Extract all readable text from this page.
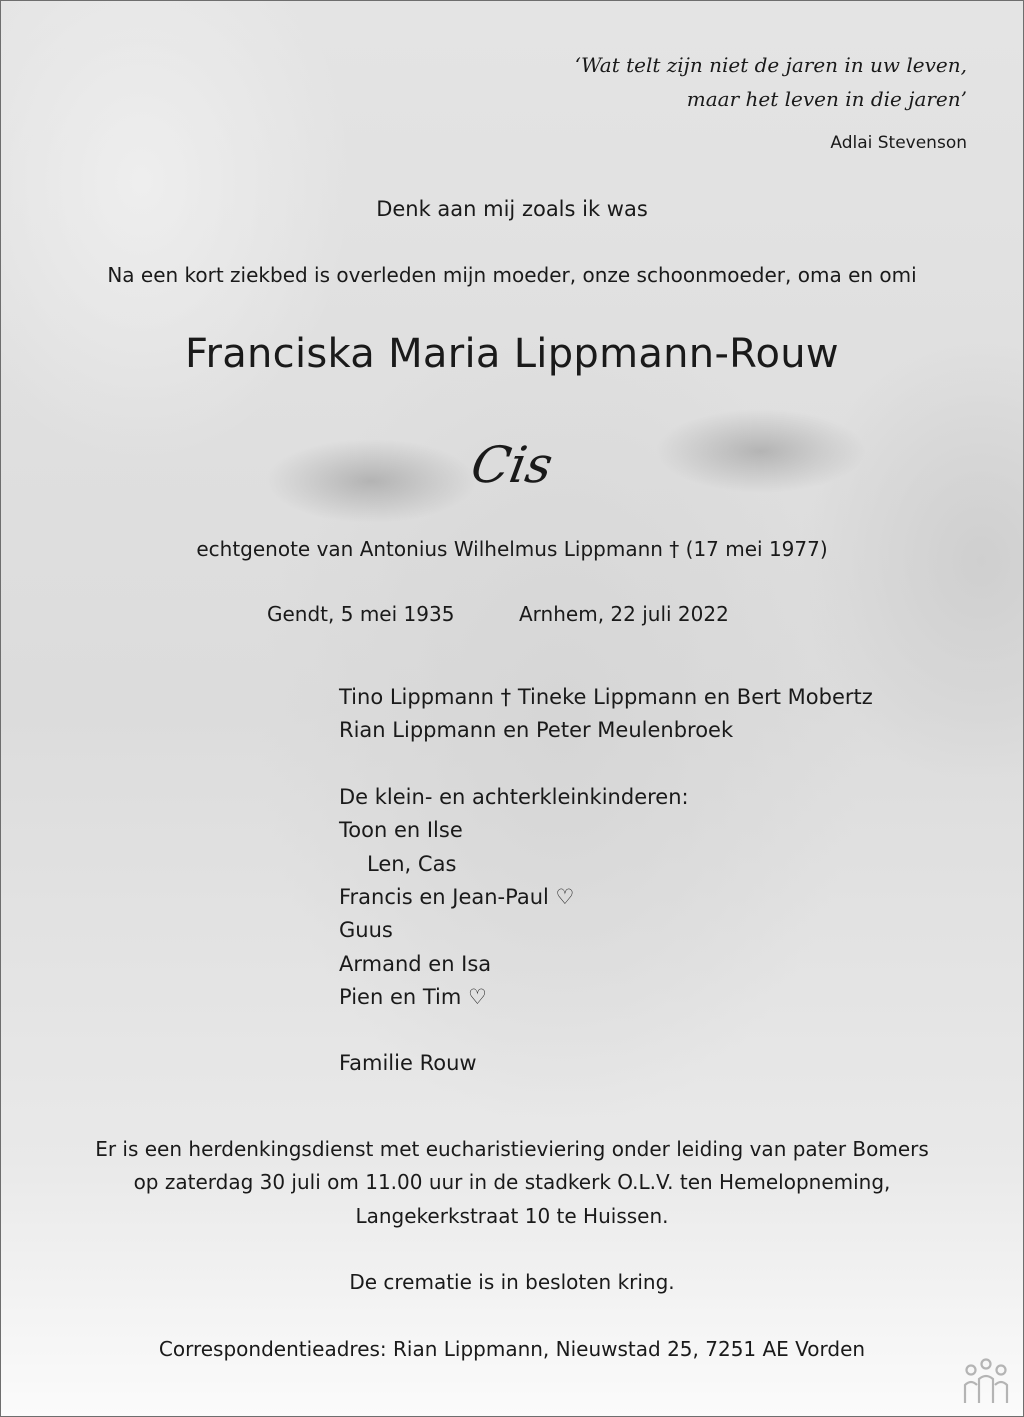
‘Wat telt zijn niet de jaren in uw leven,
maar het leven in die jaren’
Adlai Stevenson
Denk aan mij zoals ik was
Na een kort ziekbed is overleden mijn moeder, onze schoonmoeder, oma en omi
Franciska Maria Lippmann-Rouw
Cis
echtgenote van Antonius Wilhelmus Lippmann † (17 mei 1977)
Gendt, 5 mei 1935	Arnhem, 22 juli 2022
Tino Lippmann † Tineke Lippmann en Bert Mobertz
Rian Lippmann en Peter Meulenbroek
De klein- en achterkleinkinderen:
Toon en Ilse
Len, Cas
Francis en Jean-Paul ♡
Guus
Armand en Isa
Pien en Tim ♡
Familie Rouw
Er is een herdenkingsdienst met eucharistieviering onder leiding van pater Bomers
op zaterdag 30 juli om 11.00 uur in de stadkerk O.L.V. ten Hemelopneming,
Langekerkstraat 10 te Huissen.
De crematie is in besloten kring.
Correspondentieadres: Rian Lippmann, Nieuwstad 25, 7251 AE Vorden
